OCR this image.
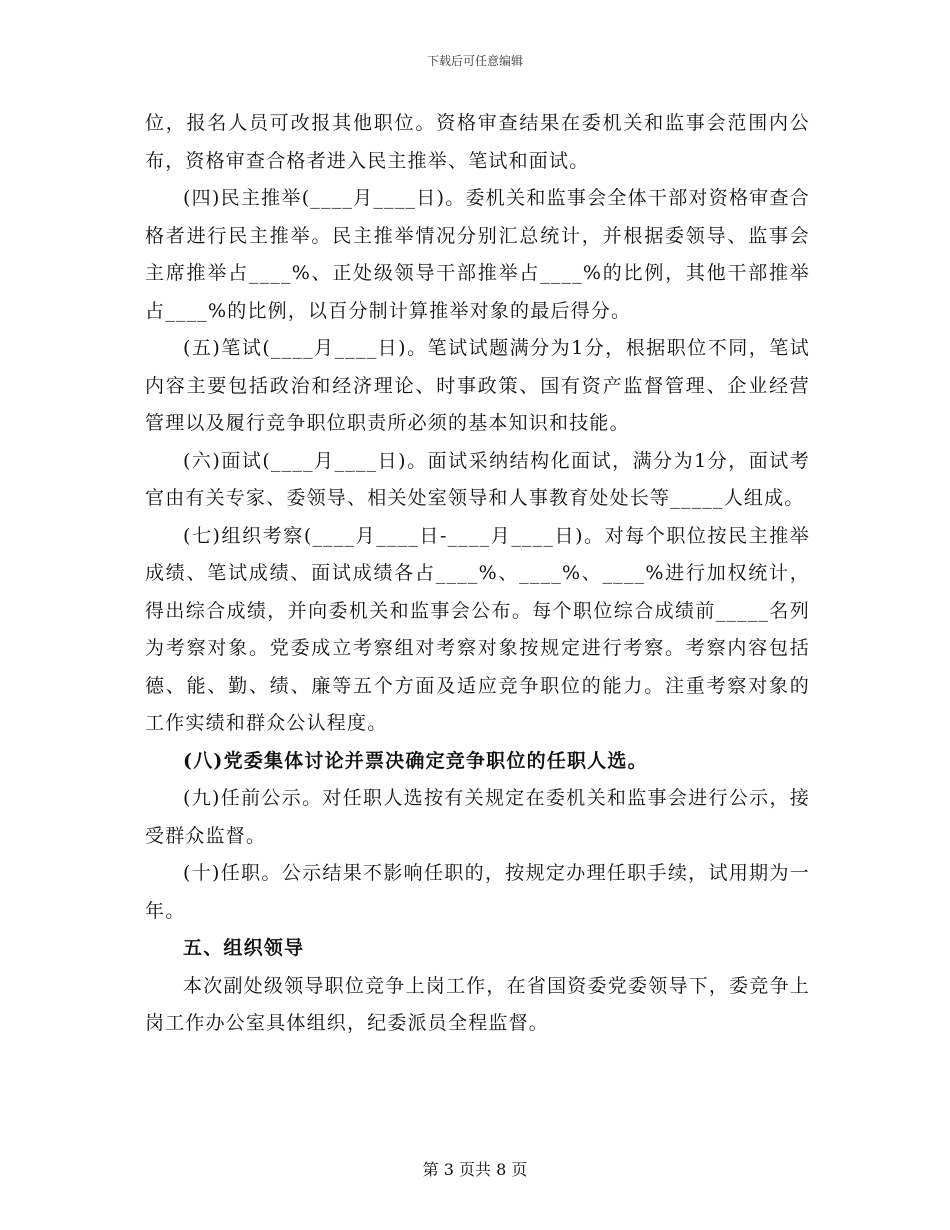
下载后可任意编辑

位，报名人员可改报其他职位。资格审查结果在委机关和监事会范围内公布，资格审查合格者进入民主推举、笔试和面试。

(四)民主推举(____月____日)。委机关和监事会全体干部对资格审查合格者进行民主推举。民主推举情况分别汇总统计，并根据委领导、监事会主席推举占____%、正处级领导干部推举占____%的比例，其他干部推举占____%的比例，以百分制计算推举对象的最后得分。

(五)笔试(____月____日)。笔试试题满分为1分，根据职位不同，笔试内容主要包括政治和经济理论、时事政策、国有资产监督管理、企业经营管理以及履行竞争职位职责所必须的基本知识和技能。

(六)面试(____月____日)。面试采纳结构化面试，满分为1分，面试考官由有关专家、委领导、相关处室领导和人事教育处处长等_____人组成。

(七)组织考察(____月____日-____月____日)。对每个职位按民主推举成绩、笔试成绩、面试成绩各占____%、____%、____%进行加权统计，得出综合成绩，并向委机关和监事会公布。每个职位综合成绩前_____名列为考察对象。党委成立考察组对考察对象按规定进行考察。考察内容包括德、能、勤、绩、廉等五个方面及适应竞争职位的能力。注重考察对象的工作实绩和群众公认程度。

(八)党委集体讨论并票决确定竞争职位的任职人选。

(九)任前公示。对任职人选按有关规定在委机关和监事会进行公示，接受群众监督。

(十)任职。公示结果不影响任职的，按规定办理任职手续，试用期为一年。

五、组织领导

本次副处级领导职位竞争上岗工作，在省国资委党委领导下，委竞争上岗工作办公室具体组织，纪委派员全程监督。

第 3 页共 8 页
